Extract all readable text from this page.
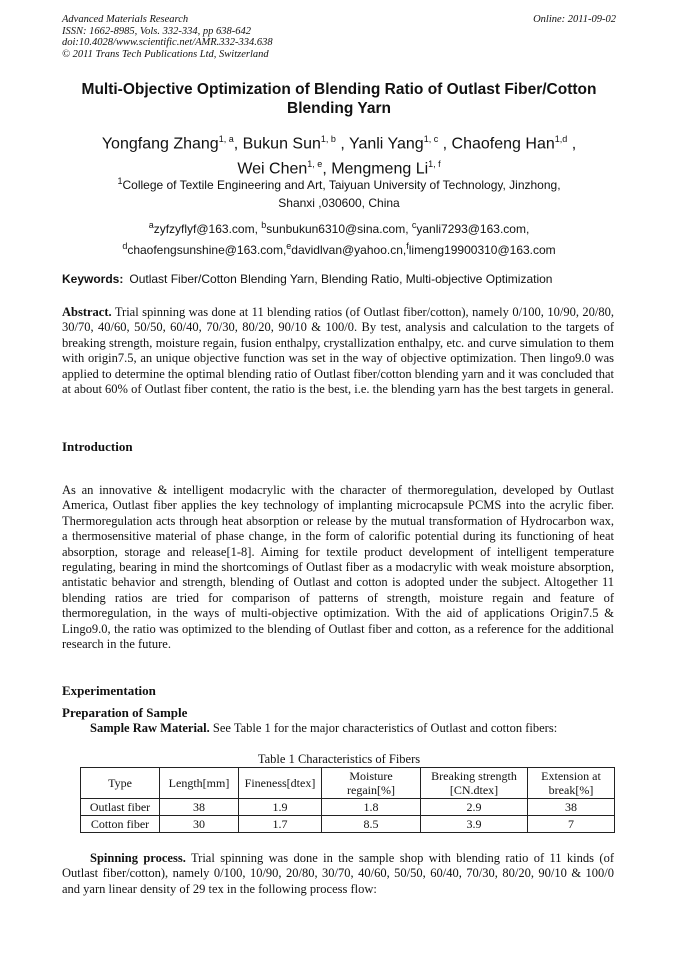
Advanced Materials Research
ISSN: 1662-8985, Vols. 332-334, pp 638-642
doi:10.4028/www.scientific.net/AMR.332-334.638
© 2011 Trans Tech Publications Ltd, Switzerland
Online: 2011-09-02
Multi-Objective Optimization of Blending Ratio of Outlast Fiber/Cotton Blending Yarn
Yongfang Zhang$^{1, a}$, Bukun Sun$^{1, b}$ , Yanli Yang$^{1, c}$ , Chaofeng Han$^{1,d}$ ,
Wei Chen$^{1, e}$, Mengmeng Li$^{1, f}$
$^1$College of Textile Engineering and Art, Taiyuan University of Technology, Jinzhong,
Shanxi ,030600, China
$^a$zyfzyflyf@163.com, $^b$sunbukun6310@sina.com, $^c$yanli7293@163.com,
$^d$chaofengsunshine@163.com,$^e$davidlvan@yahoo.cn,$^f$limeng19900310@163.com
Keywords: Outlast Fiber/Cotton Blending Yarn, Blending Ratio, Multi-objective Optimization
Abstract. Trial spinning was done at 11 blending ratios (of Outlast fiber/cotton), namely 0/100, 10/90, 20/80, 30/70, 40/60, 50/50, 60/40, 70/30, 80/20, 90/10 & 100/0. By test, analysis and calculation to the targets of breaking strength, moisture regain, fusion enthalpy, crystallization enthalpy, etc. and curve simulation to them with origin7.5, an unique objective function was set in the way of objective optimization. Then lingo9.0 was applied to determine the optimal blending ratio of Outlast fiber/cotton blending yarn and it was concluded that at about 60% of Outlast fiber content, the ratio is the best, i.e. the blending yarn has the best targets in general.
Introduction
As an innovative & intelligent modacrylic with the character of thermoregulation, developed by Outlast America, Outlast fiber applies the key technology of implanting microcapsule PCMS into the acrylic fiber. Thermoregulation acts through heat absorption or release by the mutual transformation of Hydrocarbon wax, a thermosensitive material of phase change, in the form of calorific potential during its functioning of heat absorption, storage and release[1-8]. Aiming for textile product development of intelligent temperature regulating, bearing in mind the shortcomings of Outlast fiber as a modacrylic with weak moisture absorption, antistatic behavior and strength, blending of Outlast and cotton is adopted under the subject. Altogether 11 blending ratios are tried for comparison of patterns of strength, moisture regain and feature of thermoregulation, in the ways of multi-objective optimization. With the aid of applications Origin7.5 & Lingo9.0, the ratio was optimized to the blending of Outlast fiber and cotton, as a reference for the additional research in the future.
Experimentation
Preparation of Sample
Sample Raw Material. See Table 1 for the major characteristics of Outlast and cotton fibers:
Table 1 Characteristics of Fibers
Type	Length[mm]	Fineness[dtex]	Moisture regain[%]	Breaking strength [CN.dtex]	Extension at break[%]
Outlast fiber	38	1.9	1.8	2.9	38
Cotton fiber	30	1.7	8.5	3.9	7
Spinning process. Trial spinning was done in the sample shop with blending ratio of 11 kinds (of Outlast fiber/cotton), namely 0/100, 10/90, 20/80, 30/70, 40/60, 50/50, 60/40, 70/30, 80/20, 90/10 & 100/0 and yarn linear density of 29 tex in the following process flow:
